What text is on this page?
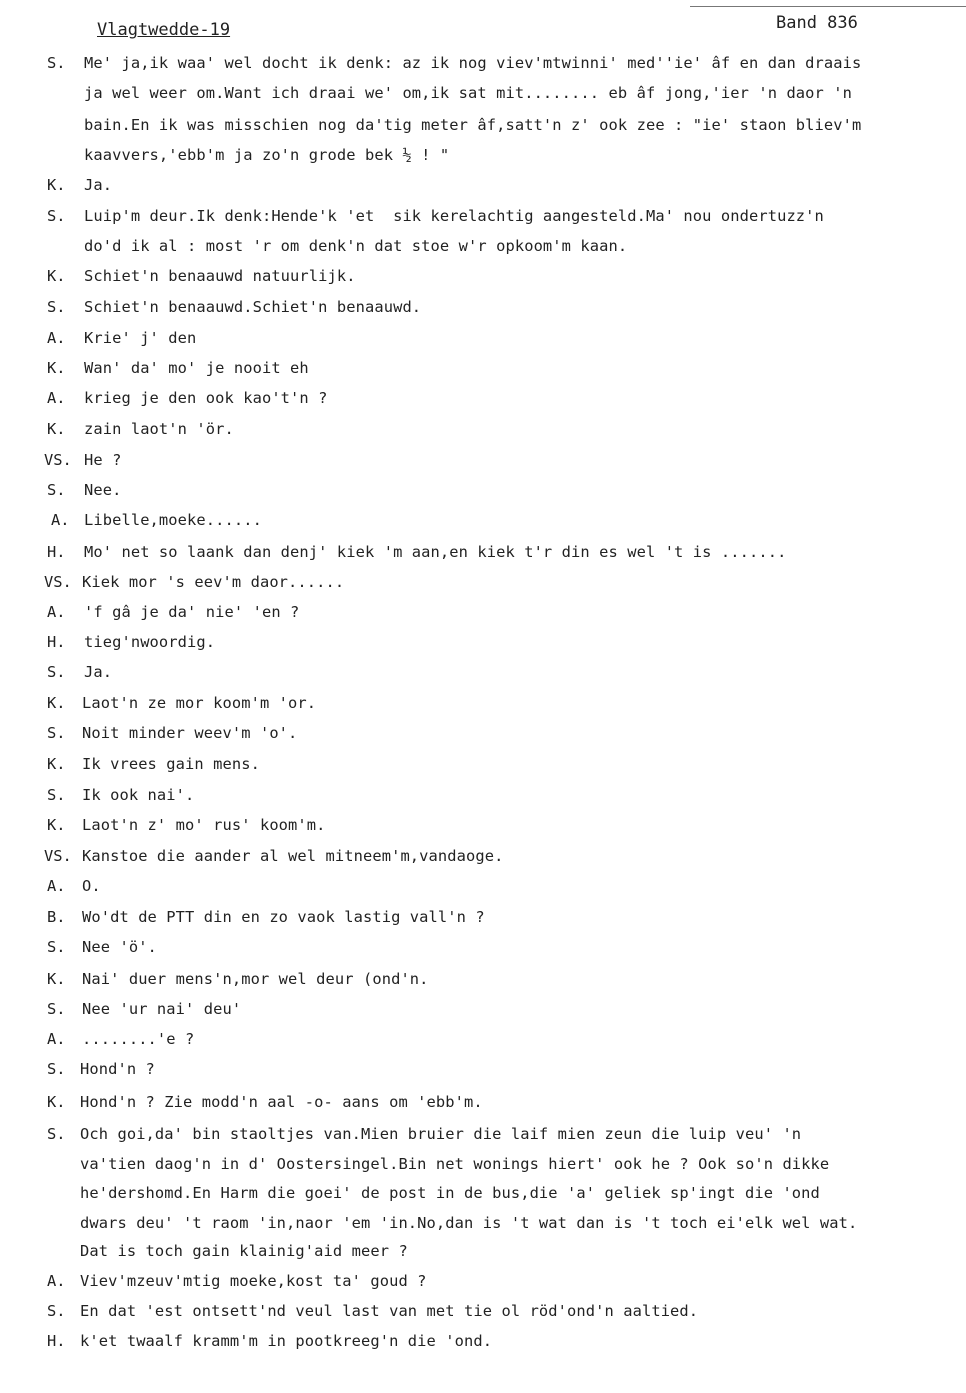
Vlagtwedde-19	Band 836
S. Me' ja,ik waa' wel docht ik denk: az ik nog viev'mtwinni' med''ie' âf en dan draais
ja wel weer om.Want ich draai we' om,ik sat mit........ eb âf jong,'ier 'n daor 'n
bain.En ik was misschien nog da'tig meter âf,satt'n z' ook zee : "ie' staon bliev'm
kaavvers,'ebb'm ja zo'n grode bek ½ ! "
K. Ja.
S. Luip'm deur.Ik denk:Hende'k 'et  sik kerelachtig aangesteld.Ma' nou ondertuzz'n
do'd ik al : most 'r om denk'n dat stoe w'r opkoom'm kaan.
K. Schiet'n benaauwd natuurlijk.
S. Schiet'n benaauwd.Schiet'n benaauwd.
A. Krie' j' den
K. Wan' da' mo' je nooit eh
A. krieg je den ook kao't'n ?
K. zain laot'n 'ör.
VS. He ?
S. Nee.
A. Libelle,moeke......
H. Mo' net so laank dan denj' kiek 'm aan,en kiek t'r din es wel 't is .......
VS. Kiek mor 's eev'm daor......
A. 'f gâ je da' nie' 'en ?
H. tieg'nwoordig.
S. Ja.
K. Laot'n ze mor koom'm 'or.
S. Noit minder weev'm 'o'.
K. Ik vrees gain mens.
S. Ik ook nai'.
K. Laot'n z' mo' rus' koom'm.
VS. Kanstoe die aander al wel mitneem'm,vandaoge.
A. O.
B. Wo'dt de PTT din en zo vaok lastig vall'n ?
S. Nee 'ö'.
K. Nai' duer mens'n,mor wel deur (ond'n.
S. Nee 'ur nai' deu'
A. ........'e ?
S. Hond'n ?
K. Hond'n ? Zie modd'n aal -o- aans om 'ebb'm.
S. Och goi,da' bin staoltjes van.Mien bruier die laif mien zeun die luip veu' 'n
va'tien daog'n in d' Oostersingel.Bin net wonings hiert' ook he ? Ook so'n dikke
he'dershomd.En Harm die goei' de post in de bus,die 'a' geliek sp'ingt die 'ond
dwars deu' 't raom 'in,naor 'em 'in.No,dan is 't wat dan is 't toch ei'elk wel wat.
Dat is toch gain klainig'aid meer ?
A. Viev'mzeuv'mtig moeke,kost ta' goud ?
S. En dat 'est ontsett'nd veul last van met tie ol röd'ond'n aaltied.
H. k'et twaalf kramm'm in pootkreeg'n die 'ond.
